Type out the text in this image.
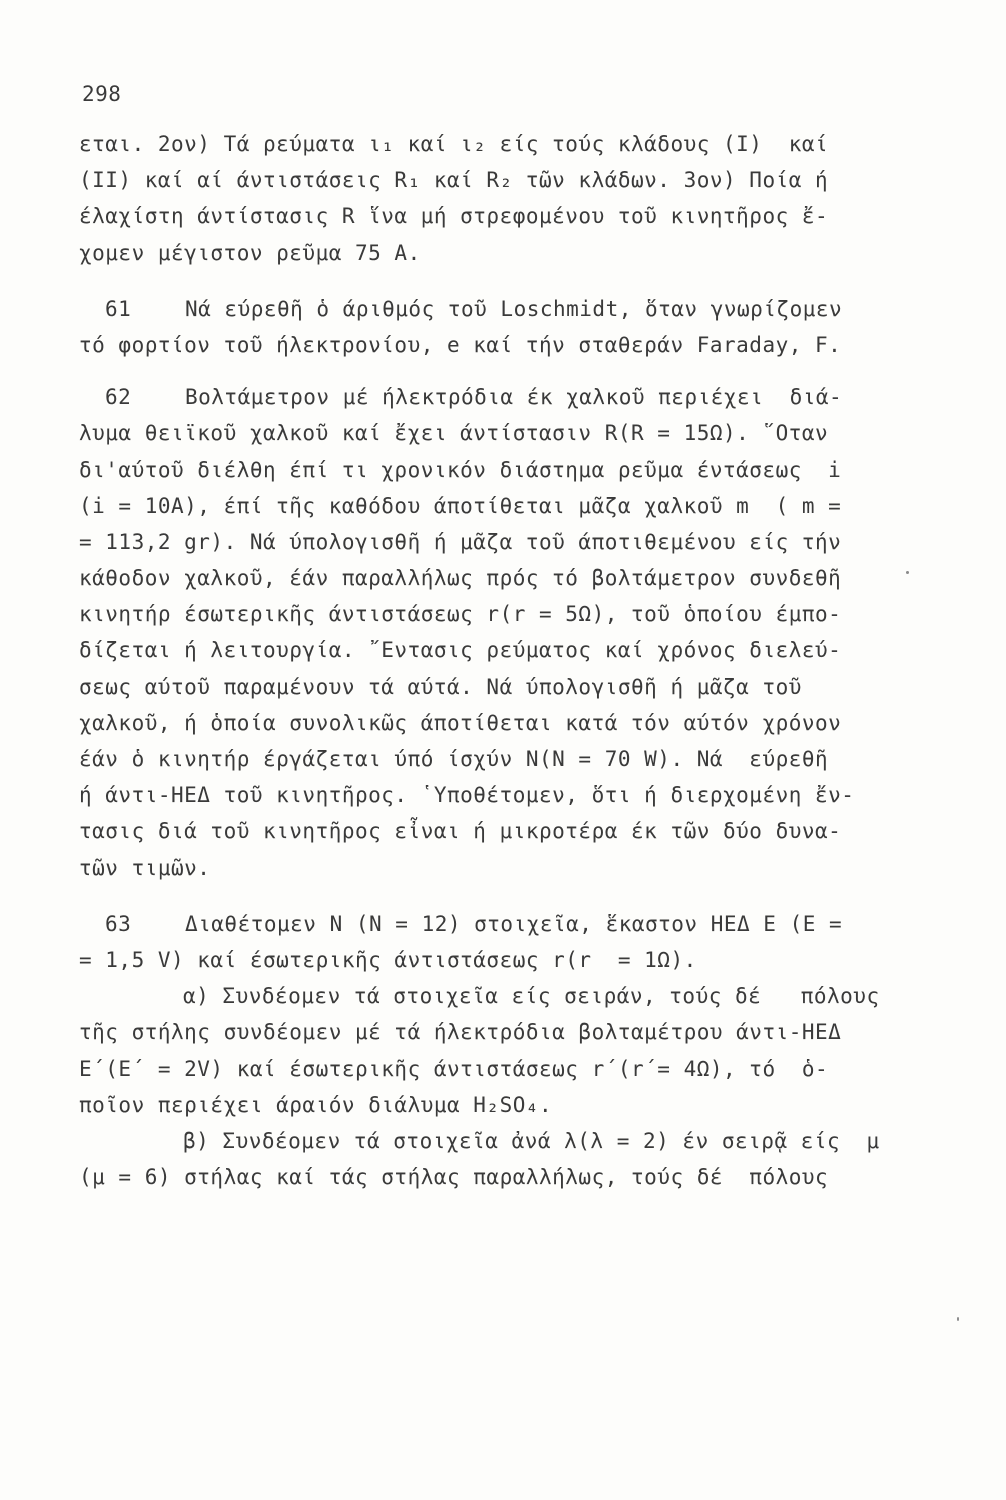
298
εται. 2ον) Τά ρεύματα ι₁ καί ι₂ είς τούς κλάδους (Ι)  καί
(ΙΙ) καί αί άντιστάσεις R₁ καί R₂ τῶν κλάδων. 3ον) Ποία ή
έλαχίστη άντίστασις R ἵνα μή στρεφομένου τοῦ κινητῆρος ἔ-
χομεν μέγιστον ρεῦμα 75 Α.
61	Νά εύρεθῆ ὁ άριθμός τοῦ Loschmidt, ὅταν γνωρίζομεν
τό φορτίον τοῦ ήλεκτρονίου, e καί τήν σταθεράν Faraday, F.
62	Βολτάμετρον μέ ήλεκτρόδια έκ χαλκοῦ περιέχει  διά-
λυμα θειϊκοῦ χαλκοῦ καί ἔχει άντίστασιν R(R = 15Ω). ῞Οταν
δι'αύτοῦ διέλθη έπί τι χρονικόν διάστημα ρεῦμα έντάσεως  i
(i = 10A), έπί τῆς καθόδου άποτίθεται μᾶζα χαλκοῦ m  ( m =
= 113,2 gr). Νά ύπολογισθῆ ή μᾶζα τοῦ άποτιθεμένου είς τήν
κάθοδον χαλκοῦ, έάν παραλλήλως πρός τό βολτάμετρον συνδεθῆ
κινητήρ έσωτερικῆς άντιστάσεως r(r = 5Ω), τοῦ ὁποίου έμπο-
δίζεται ή λειτουργία. ῎Εντασις ρεύματος καί χρόνος διελεύ-
σεως αύτοῦ παραμένουν τά αύτά. Νά ύπολογισθῆ ή μᾶζα τοῦ
χαλκοῦ, ή ὁποία συνολικῶς άποτίθεται κατά τόν αύτόν χρόνον
έάν ὁ κινητήρ έργάζεται ύπό ίσχύν N(N = 70 W). Νά  εύρεθῆ
ή άντι-ΗΕΔ τοῦ κινητῆρος. ῾Υποθέτομεν, ὅτι ή διερχομένη ἔν-
τασις διά τοῦ κινητῆρος εἶναι ή μικροτέρα έκ τῶν δύο δυνα-
τῶν τιμῶν.
63	Διαθέτομεν N (N = 12) στοιχεῖα, ἕκαστον ΗΕΔ Ε (Ε =
= 1,5 V) καί έσωτερικῆς άντιστάσεως r(r  = 1Ω).
α) Συνδέομεν τά στοιχεῖα είς σειράν, τούς δέ   πόλους
τῆς στήλης συνδέομεν μέ τά ήλεκτρόδια βολταμέτρου άντι-ΗΕΔ
Ε΄(Ε΄ = 2V) καί έσωτερικῆς άντιστάσεως r΄(r΄= 4Ω), τό  ὁ-
ποῖον περιέχει άραιόν διάλυμα H₂SO₄.
β) Συνδέομεν τά στοιχεῖα ἀνά λ(λ = 2) έν σειρᾷ είς  μ
(μ = 6) στήλας καί τάς στήλας παραλλήλως, τούς δέ  πόλους
